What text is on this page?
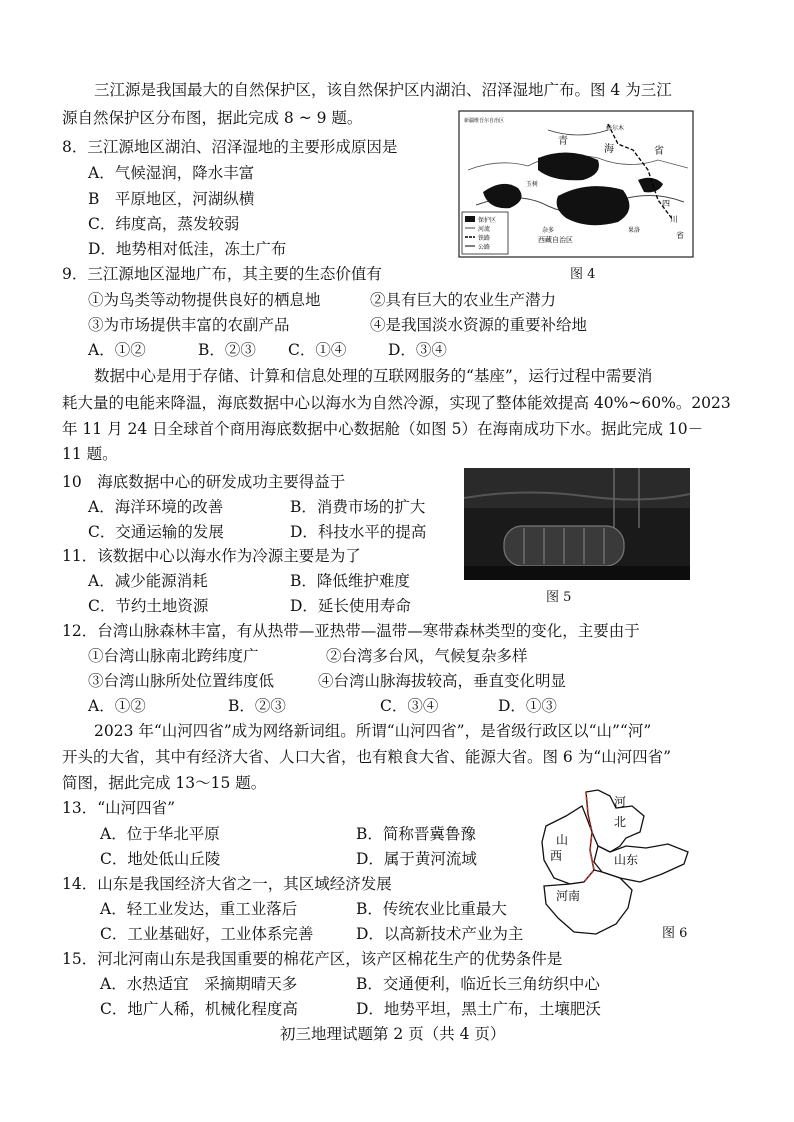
三江源是我国最大的自然保护区，该自然保护区内湖泊、沼泽湿地广布。图 4 为三江
源自然保护区分布图，据此完成 8 ~ 9 题。
8．三江源地区湖泊、沼泽湿地的主要形成原因是
A．气候湿润，降水丰富
B　平原地区，河湖纵横
C．纬度高，蒸发较弱
D．地势相对低洼，冻土广布
格尔木
青
海	省
四
川
省
玉树
杂多	果洛
西藏自治区
新疆维吾尔自治区
保护区
河流
铁路
公路
图 4
9．三江源地区湿地广布，其主要的生态价值有
①为鸟类等动物提供良好的栖息地	②具有巨大的农业生产潜力
③为市场提供丰富的农副产品	④是我国淡水资源的重要补给地
A．①②	B．②③ C．①④	D．③④
数据中心是用于存储、计算和信息处理的互联网服务的“基座”，运行过程中需要消
耗大量的电能来降温，海底数据中心以海水为自然冷源，实现了整体能效提高 40%~60%。2023
年 11 月 24 日全球首个商用海底数据中心数据舱（如图 5）在海南成功下水。据此完成 10－
11 题。
图 5
10　海底数据中心的研发成功主要得益于
A．海洋环境的改善	B．消费市场的扩大
C．交通运输的发展	D．科技水平的提高
11．该数据中心以海水作为冷源主要是为了
A．减少能源消耗	B．降低维护难度
C．节约土地资源	D．延长使用寿命
12．台湾山脉森林丰富，有从热带—亚热带—温带—寒带森林类型的变化，主要由于
①台湾山脉南北跨纬度广	②台湾多台风，气候复杂多样
③台湾山脉所处位置纬度低	④台湾山脉海拔较高，垂直变化明显
A．①②	B．②③	C．③④	D．①③
2023 年“山河四省”成为网络新词组。所谓“山河四省”，是省级行政区以“山”“河”
开头的大省，其中有经济大省、人口大省，也有粮食大省、能源大省。图 6 为“山河四省”
简图，据此完成 13～15 题。
河
北
山
西	山东
河南
图 6
13．“山河四省”
A．位于华北平原	B．简称晋冀鲁豫
C．地处低山丘陵	D．属于黄河流域
14．山东是我国经济大省之一，其区域经济发展
A．轻工业发达，重工业落后	B．传统农业比重最大
C．工业基础好，工业体系完善	D．以高新技术产业为主
15．河北河南山东是我国重要的棉花产区，该产区棉花生产的优势条件是
A．水热适宜　采摘期晴天多	B．交通便利，临近长三角纺织中心
C．地广人稀，机械化程度高	D．地势平坦，黑土广布，土壤肥沃
初三地理试题第 2 页（共 4 页）
